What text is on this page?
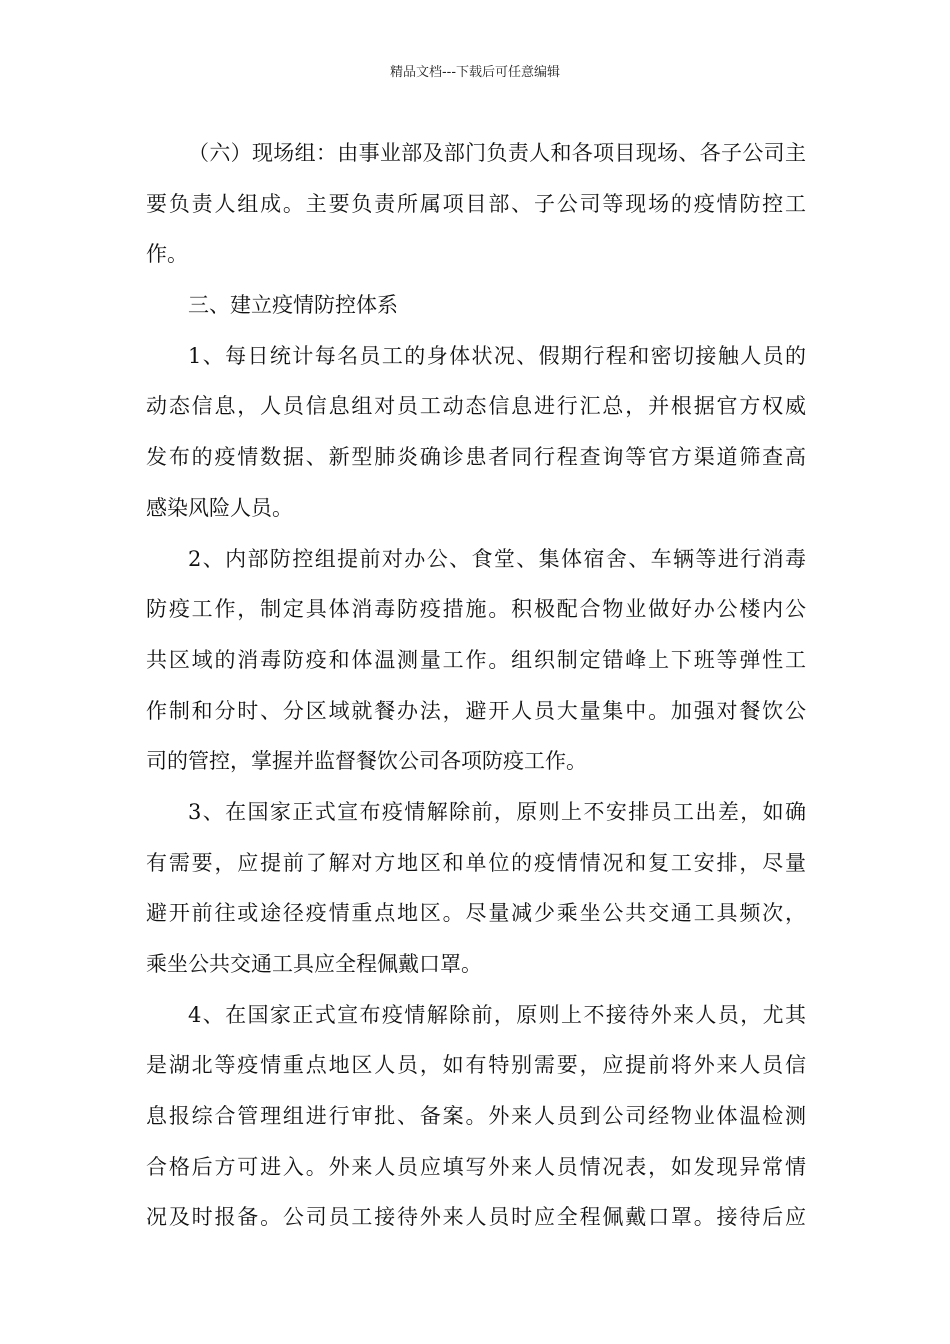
精品文档---下载后可任意编辑
（六）现场组：由事业部及部门负责人和各项目现场、各子公司主
要负责人组成。主要负责所属项目部、子公司等现场的疫情防控工
作。
三、建立疫情防控体系
1、每日统计每名员工的身体状况、假期行程和密切接触人员的
动态信息，人员信息组对员工动态信息进行汇总，并根据官方权威
发布的疫情数据、新型肺炎确诊患者同行程查询等官方渠道筛查高
感染风险人员。
2、内部防控组提前对办公、食堂、集体宿舍、车辆等进行消毒
防疫工作，制定具体消毒防疫措施。积极配合物业做好办公楼内公
共区域的消毒防疫和体温测量工作。组织制定错峰上下班等弹性工
作制和分时、分区域就餐办法，避开人员大量集中。加强对餐饮公
司的管控，掌握并监督餐饮公司各项防疫工作。
3、在国家正式宣布疫情解除前，原则上不安排员工出差，如确
有需要，应提前了解对方地区和单位的疫情情况和复工安排，尽量
避开前往或途径疫情重点地区。尽量减少乘坐公共交通工具频次，
乘坐公共交通工具应全程佩戴口罩。
4、在国家正式宣布疫情解除前，原则上不接待外来人员，尤其
是湖北等疫情重点地区人员，如有特别需要，应提前将外来人员信
息报综合管理组进行审批、备案。外来人员到公司经物业体温检测
合格后方可进入。外来人员应填写外来人员情况表，如发现异常情
况及时报备。公司员工接待外来人员时应全程佩戴口罩。接待后应
